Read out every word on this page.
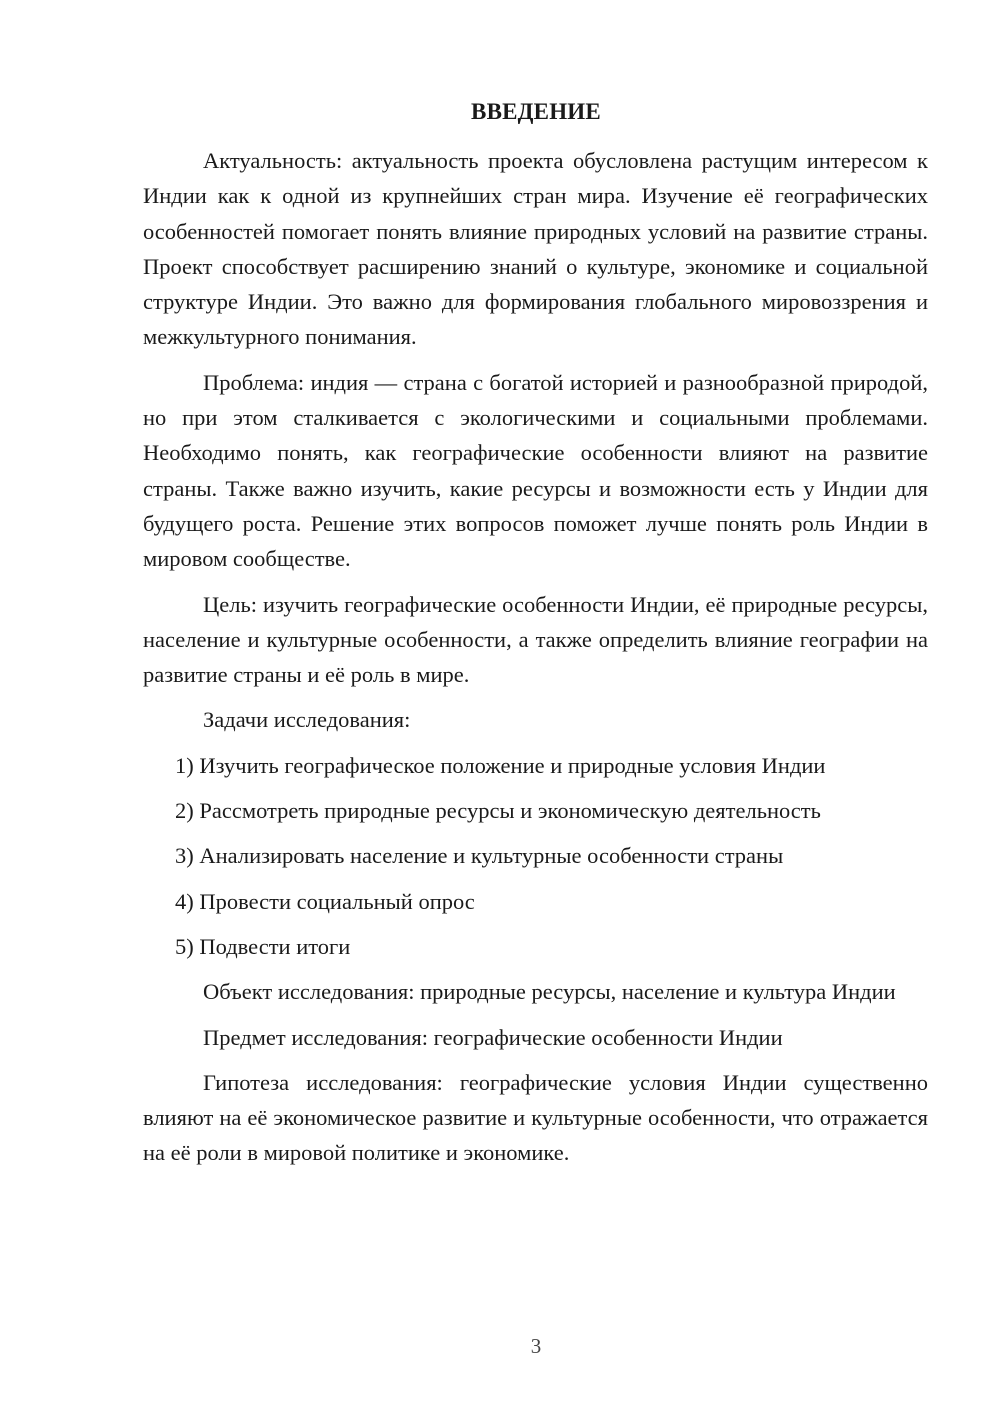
ВВЕДЕНИЕ

Актуальность: актуальность проекта обусловлена растущим интересом к Индии как к одной из крупнейших стран мира. Изучение её географических особенностей помогает понять влияние природных условий на развитие страны. Проект способствует расширению знаний о культуре, экономике и социальной структуре Индии. Это важно для формирования глобального мировоззрения и межкультурного понимания.

Проблема: индия — страна с богатой историей и разнообразной природой, но при этом сталкивается с экологическими и социальными проблемами. Необходимо понять, как географические особенности влияют на развитие страны. Также важно изучить, какие ресурсы и возможности есть у Индии для будущего роста. Решение этих вопросов поможет лучше понять роль Индии в мировом сообществе.

Цель: изучить географические особенности Индии, её природные ресурсы, население и культурные особенности, а также определить влияние географии на развитие страны и её роль в мире.

Задачи исследования:

1) Изучить географическое положение и природные условия Индии

2) Рассмотреть природные ресурсы и экономическую деятельность

3) Анализировать население и культурные особенности страны

4) Провести социальный опрос

5) Подвести итоги

Объект исследования: природные ресурсы, население и культура Индии

Предмет исследования: географические особенности Индии

Гипотеза исследования: географические условия Индии существенно влияют на её экономическое развитие и культурные особенности, что отражается на её роли в мировой политике и экономике.

3
